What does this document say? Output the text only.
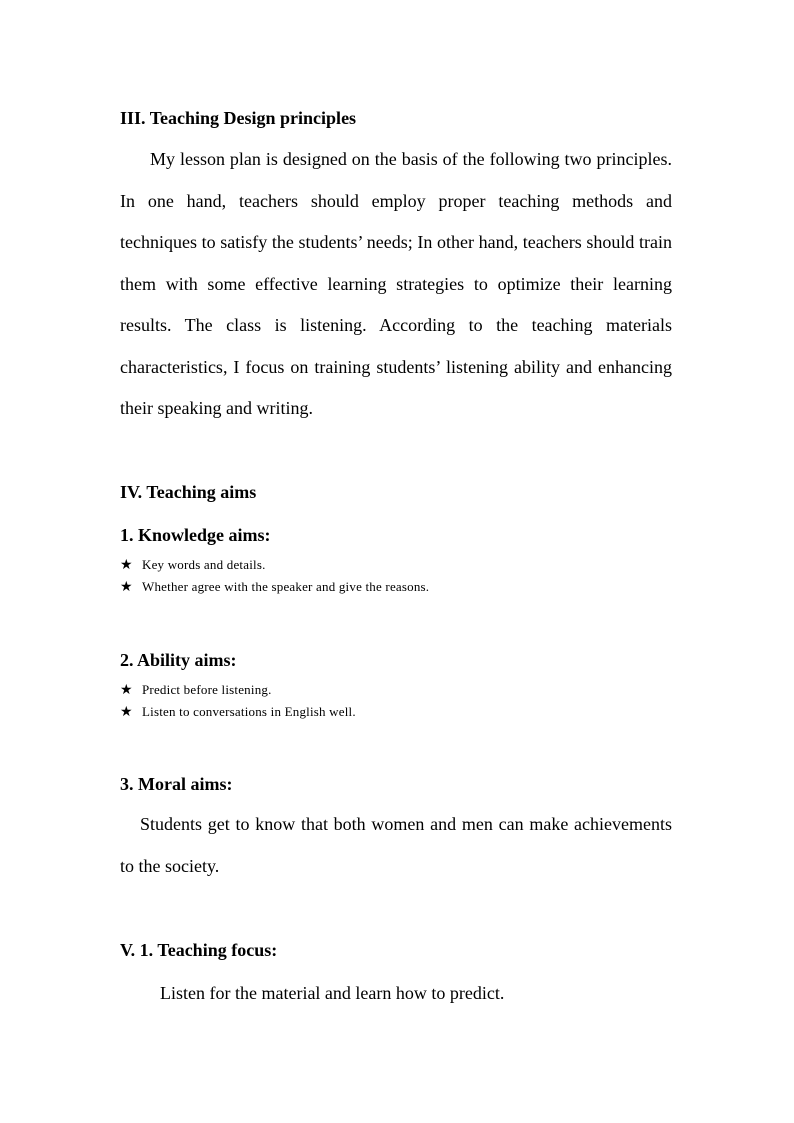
III. Teaching Design principles

My lesson plan is designed on the basis of the following two principles. In one hand, teachers should employ proper teaching methods and techniques to satisfy the students’ needs; In other hand, teachers should train them with some effective learning strategies to optimize their learning results. The class is listening. According to the teaching materials characteristics, I focus on training students’ listening ability and enhancing their speaking and writing.

IV. Teaching aims
1. Knowledge aims:
★ Key words and details.
★ Whether agree with the speaker and give the reasons.
2. Ability aims:
★ Predict before listening.
★ Listen to conversations in English well.
3. Moral aims:

Students get to know that both women and men can make achievements to the society.

V. 1. Teaching focus:
Listen for the material and learn how to predict.
